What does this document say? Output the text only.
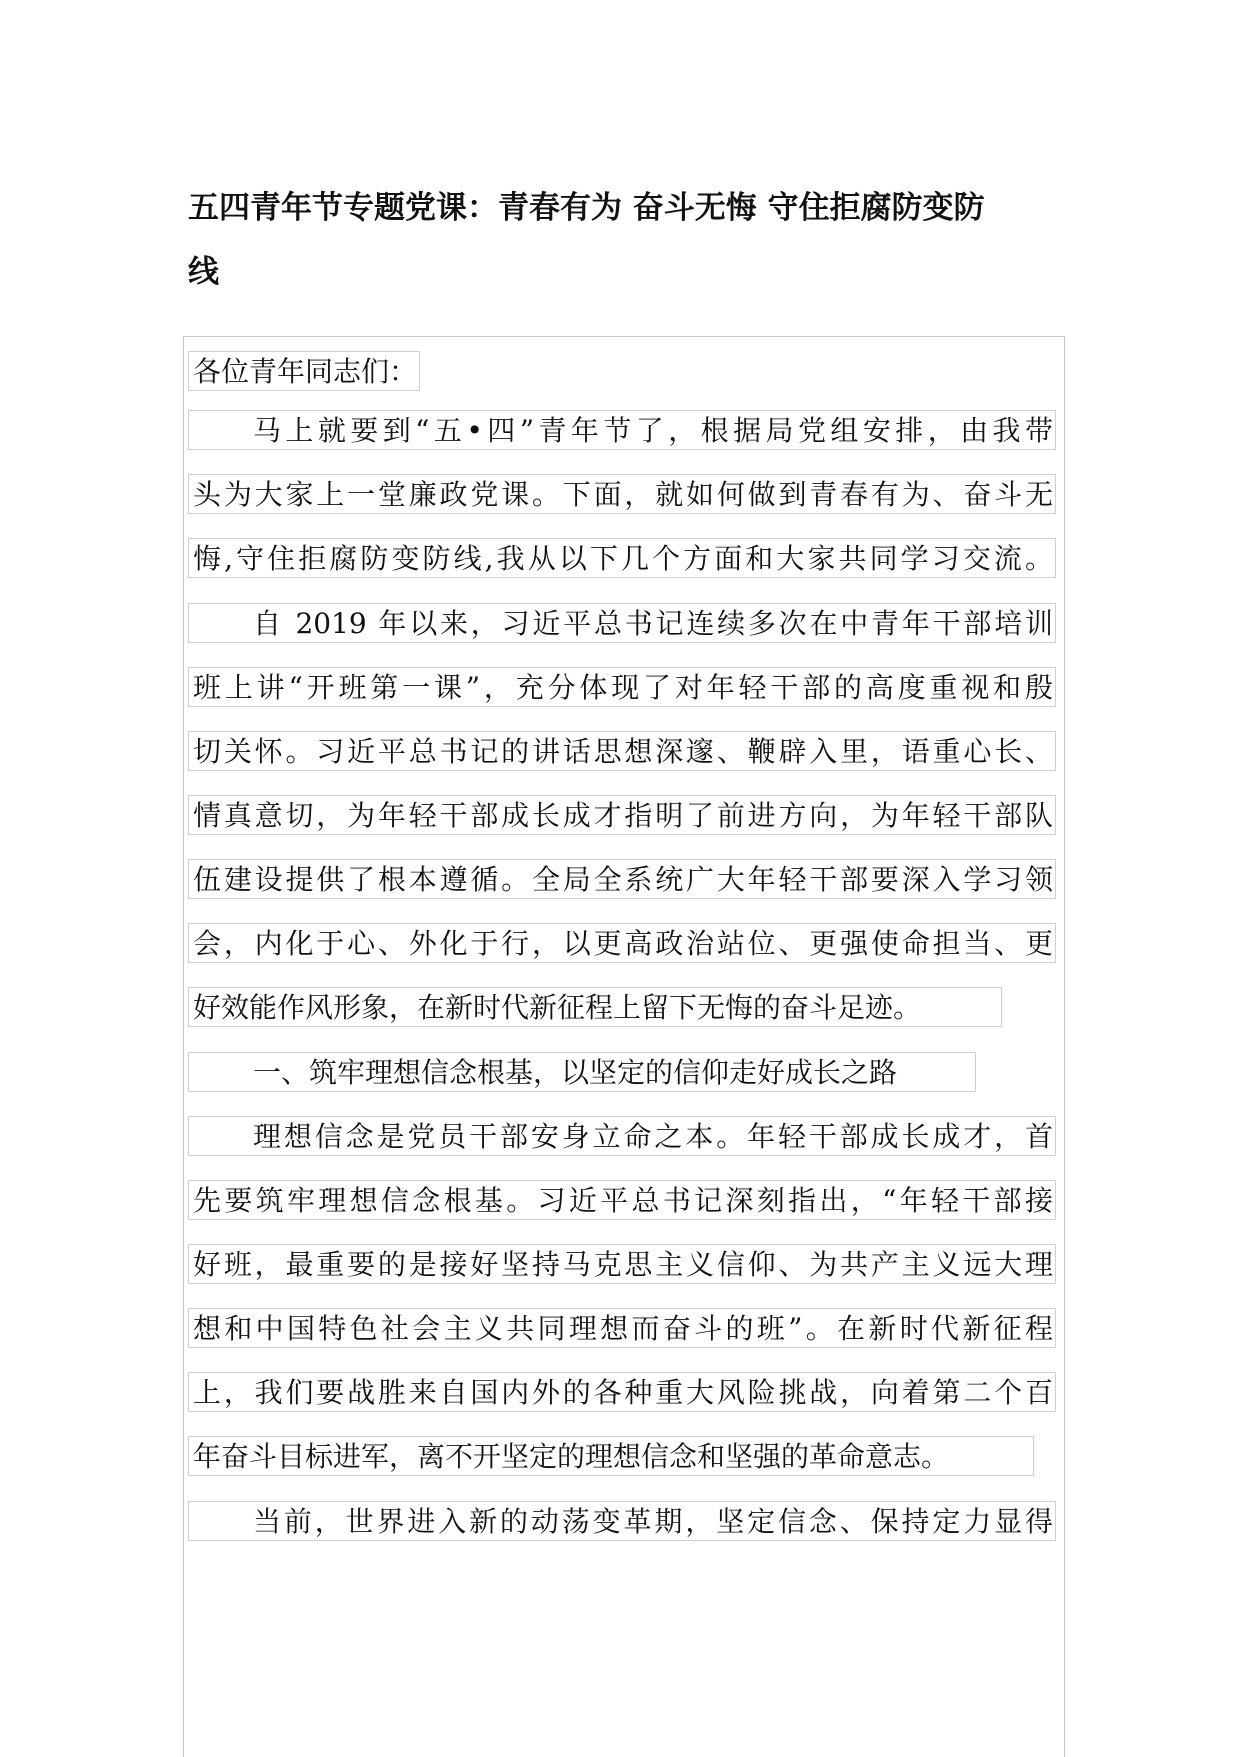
五四青年节专题党课：青春有为 奋斗无悔 守住拒腐防变防
线
各位青年同志们：
马上就要到“五•四”青年节了，根据局党组安排，由我带
头为大家上一堂廉政党课。下面，就如何做到青春有为、奋斗无
悔,守住拒腐防变防线,我从以下几个方面和大家共同学习交流。
自 2019 年以来，习近平总书记连续多次在中青年干部培训
班上讲“开班第一课”，充分体现了对年轻干部的高度重视和殷
切关怀。习近平总书记的讲话思想深邃、鞭辟入里，语重心长、
情真意切，为年轻干部成长成才指明了前进方向，为年轻干部队
伍建设提供了根本遵循。全局全系统广大年轻干部要深入学习领
会，内化于心、外化于行，以更高政治站位、更强使命担当、更
好效能作风形象，在新时代新征程上留下无悔的奋斗足迹。
一、筑牢理想信念根基，以坚定的信仰走好成长之路
理想信念是党员干部安身立命之本。年轻干部成长成才，首
先要筑牢理想信念根基。习近平总书记深刻指出，“年轻干部接
好班，最重要的是接好坚持马克思主义信仰、为共产主义远大理
想和中国特色社会主义共同理想而奋斗的班”。在新时代新征程
上，我们要战胜来自国内外的各种重大风险挑战，向着第二个百
年奋斗目标进军，离不开坚定的理想信念和坚强的革命意志。
当前，世界进入新的动荡变革期，坚定信念、保持定力显得
